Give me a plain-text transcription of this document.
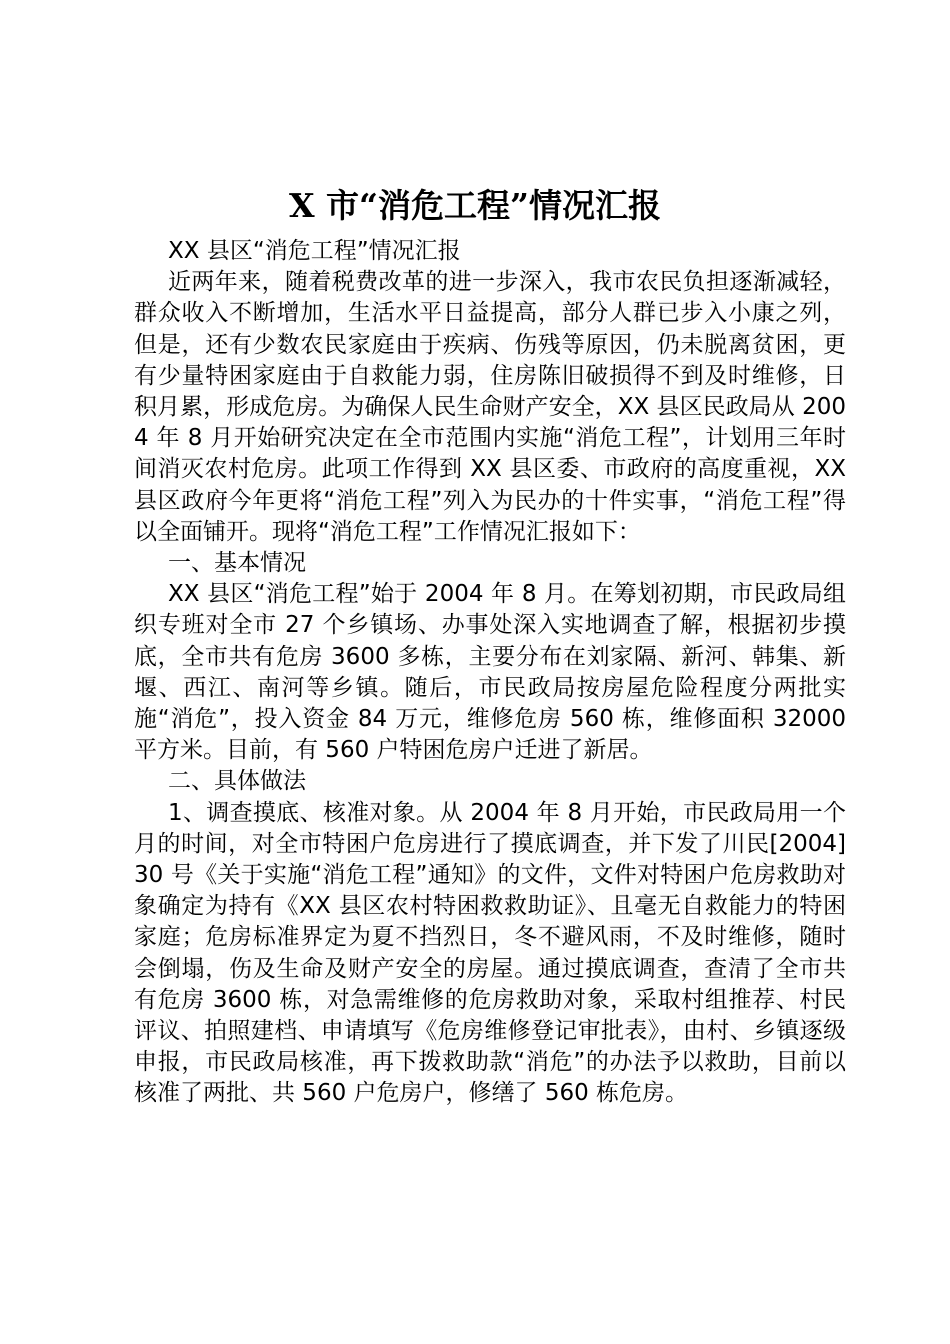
X 市“消危工程”情况汇报

XX 县区“消危工程”情况汇报

近两年来，随着税费改革的进一步深入，我市农民负担逐渐减轻，群众收入不断增加，生活水平日益提高，部分人群已步入小康之列，但是，还有少数农民家庭由于疾病、伤残等原因，仍未脱离贫困，更有少量特困家庭由于自救能力弱，住房陈旧破损得不到及时维修，日积月累，形成危房。为确保人民生命财产安全，XX 县区民政局从 2004 年 8 月开始研究决定在全市范围内实施“消危工程”，计划用三年时间消灭农村危房。此项工作得到 XX 县区委、市政府的高度重视，XX 县区政府今年更将“消危工程”列入为民办的十件实事，“消危工程”得以全面铺开。现将“消危工程”工作情况汇报如下：

一、基本情况

XX 县区“消危工程”始于 2004 年 8 月。在筹划初期，市民政局组织专班对全市 27 个乡镇场、办事处深入实地调查了解，根据初步摸底，全市共有危房 3600 多栋，主要分布在刘家隔、新河、韩集、新堰、西江、南河等乡镇。随后，市民政局按房屋危险程度分两批实施“消危”，投入资金 84 万元，维修危房 560 栋，维修面积 32000 平方米。目前，有 560 户特困危房户迁进了新居。

二、具体做法

1、调查摸底、核准对象。从 2004 年 8 月开始，市民政局用一个月的时间，对全市特困户危房进行了摸底调查，并下发了川民[2004]30 号《关于实施“消危工程”通知》的文件，文件对特困户危房救助对象确定为持有《XX 县区农村特困救救助证》、且毫无自救能力的特困家庭；危房标准界定为夏不挡烈日，冬不避风雨，不及时维修，随时会倒塌，伤及生命及财产安全的房屋。通过摸底调查，查清了全市共有危房 3600 栋，对急需维修的危房救助对象，采取村组推荐、村民评议、拍照建档、申请填写《危房维修登记审批表》，由村、乡镇逐级申报，市民政局核准，再下拨救助款“消危”的办法予以救助，目前以核准了两批、共 560 户危房户，修缮了 560 栋危房。
